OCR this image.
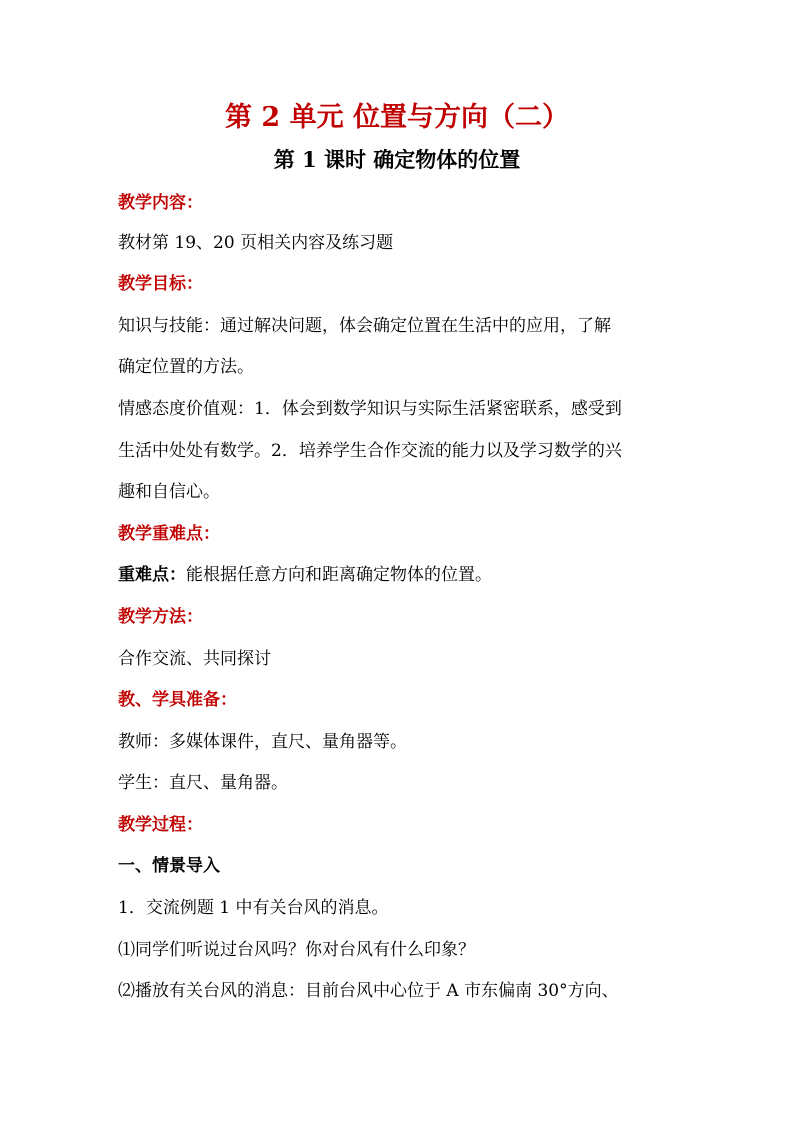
第 2 单元 位置与方向（二）
第 1 课时 确定物体的位置
教学内容：
教材第 19、20 页相关内容及练习题
教学目标：
知识与技能：通过解决问题，体会确定位置在生活中的应用，了解
确定位置的方法。
情感态度价值观：1．体会到数学知识与实际生活紧密联系，感受到
生活中处处有数学。2．培养学生合作交流的能力以及学习数学的兴
趣和自信心。
教学重难点：
重难点：能根据任意方向和距离确定物体的位置。
教学方法：
合作交流、共同探讨
教、学具准备：
教师：多媒体课件，直尺、量角器等。
学生：直尺、量角器。
教学过程：
一、情景导入
1．交流例题 1 中有关台风的消息。
⑴同学们听说过台风吗？你对台风有什么印象？
⑵播放有关台风的消息：目前台风中心位于 A 市东偏南 30°方向、
